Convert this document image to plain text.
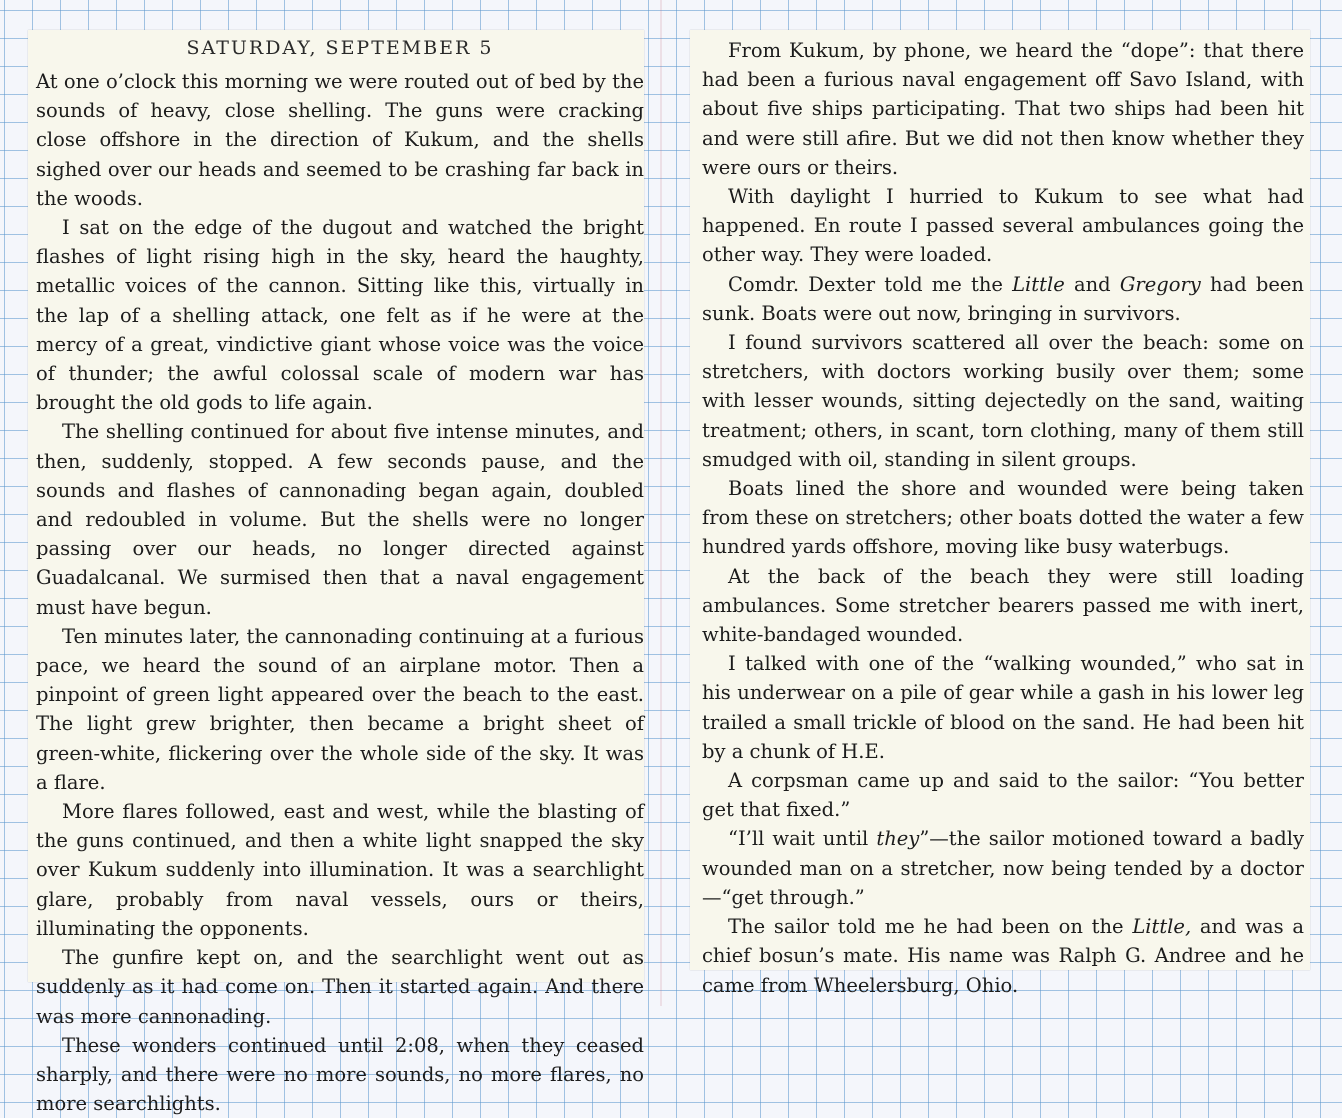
SATURDAY, SEPTEMBER 5

At one o’clock this morning we were routed out of bed by the sounds of heavy, close shelling. The guns were cracking close offshore in the direction of Kukum, and the shells sighed over our heads and seemed to be crashing far back in the woods.

I sat on the edge of the dugout and watched the bright flashes of light rising high in the sky, heard the haughty, metallic voices of the cannon. Sitting like this, virtually in the lap of a shelling attack, one felt as if he were at the mercy of a great, vindictive giant whose voice was the voice of thunder; the awful colossal scale of modern war has brought the old gods to life again.

The shelling continued for about five intense minutes, and then, suddenly, stopped. A few seconds pause, and the sounds and flashes of cannonading began again, doubled and redoubled in volume. But the shells were no longer passing over our heads, no longer directed against Guadalcanal. We surmised then that a naval engagement must have begun.

Ten minutes later, the cannonading continuing at a furious pace, we heard the sound of an airplane motor. Then a pinpoint of green light appeared over the beach to the east. The light grew brighter, then became a bright sheet of green-white, flickering over the whole side of the sky. It was a flare.

More flares followed, east and west, while the blasting of the guns continued, and then a white light snapped the sky over Kukum suddenly into illumination. It was a searchlight glare, probably from naval vessels, ours or theirs, illuminating the opponents.

The gunfire kept on, and the searchlight went out as suddenly as it had come on. Then it started again. And there was more cannonading.

These wonders continued until 2:08, when they ceased sharply, and there were no more sounds, no more flares, no more searchlights.

From Kukum, by phone, we heard the “dope”: that there had been a furious naval engagement off Savo Island, with about five ships participating. That two ships had been hit and were still afire. But we did not then know whether they were ours or theirs.

With daylight I hurried to Kukum to see what had happened. En route I passed several ambulances going the other way. They were loaded.

Comdr. Dexter told me the Little and Gregory had been sunk. Boats were out now, bringing in survivors.

I found survivors scattered all over the beach: some on stretchers, with doctors working busily over them; some with lesser wounds, sitting dejectedly on the sand, waiting treatment; others, in scant, torn clothing, many of them still smudged with oil, standing in silent groups.

Boats lined the shore and wounded were being taken from these on stretchers; other boats dotted the water a few hundred yards offshore, moving like busy waterbugs.

At the back of the beach they were still loading ambulances. Some stretcher bearers passed me with inert, white-bandaged wounded.

I talked with one of the “walking wounded,” who sat in his underwear on a pile of gear while a gash in his lower leg trailed a small trickle of blood on the sand. He had been hit by a chunk of H.E.

A corpsman came up and said to the sailor: “You better get that fixed.”

“I’ll wait until they”—the sailor motioned toward a badly wounded man on a stretcher, now being tended by a doctor—“get through.”

The sailor told me he had been on the Little, and was a chief bosun’s mate. His name was Ralph G. Andree and he came from Wheelersburg, Ohio.
